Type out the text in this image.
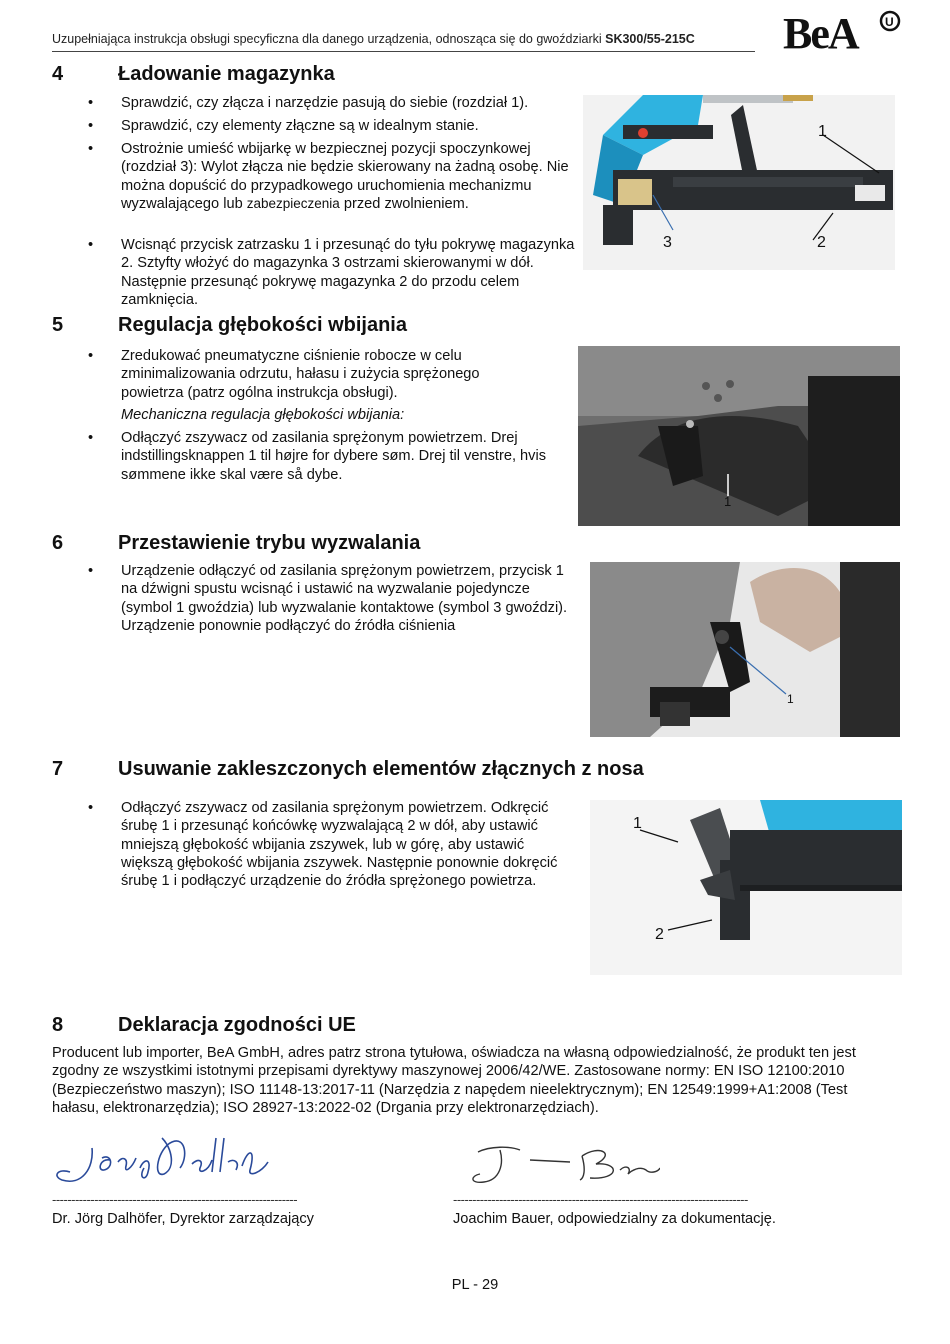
Uzupełniająca instrukcja obsługi specyficzna dla danego urządzenia, odnosząca się do gwoździarki SK300/55-215C	BeA U
4	Ładowanie magazynka
• Sprawdzić, czy złącza i narzędzie pasują do siebie (rozdział 1).
• Sprawdzić, czy elementy złączne są w idealnym stanie.
• Ostrożnie umieść wbijarkę w bezpiecznej pozycji spoczynkowej (rozdział 3): Wylot złącza nie będzie skierowany na żadną osobę. Nie można dopuścić do przypadkowego uruchomienia mechanizmu wyzwalającego lub zabezpieczenia przed zwolnieniem.
• Wcisnąć przycisk zatrzasku 1 i przesunąć do tyłu pokrywę magazynka 2. Sztyfty włożyć do magazynka 3 ostrzami skierowanymi w dół. Następnie przesunąć pokrywę magazynka 2 do przodu celem zamknięcia.
1
2
3
5	Regulacja głębokości wbijania
• Zredukować pneumatyczne ciśnienie robocze w celu zminimalizowania odrzutu, hałasu i zużycia sprężonego powietrza (patrz ogólna instrukcja obsługi).
Mechaniczna regulacja głębokości wbijania:
• Odłączyć zszywacz od zasilania sprężonym powietrzem. Drej indstillingsknappen 1 til højre for dybere søm. Drej til venstre, hvis sømmene ikke skal være så dybe.
1
6	Przestawienie trybu wyzwalania
• Urządzenie odłączyć od zasilania sprężonym powietrzem, przycisk 1 na dźwigni spustu wcisnąć i ustawić na wyzwalanie pojedyncze (symbol 1 gwoździa) lub wyzwalanie kontaktowe (symbol 3 gwoździ). Urządzenie ponownie podłączyć do źródła ciśnienia
1
7	Usuwanie zakleszczonych elementów złącznych z nosa
• Odłączyć zszywacz od zasilania sprężonym powietrzem. Odkręcić śrubę 1 i przesunąć końcówkę wyzwalającą 2 w dół, aby ustawić mniejszą głębokość wbijania zszywek, lub w górę, aby ustawić większą głębokość wbijania zszywek. Następnie ponownie dokręcić śrubę 1 i podłączyć urządzenie do źródła sprężonego powietrza.
1
2
8	Deklaracja zgodności UE
Producent lub importer, BeA GmbH, adres patrz strona tytułowa, oświadcza na własną odpowiedzialność, że produkt ten jest zgodny ze wszystkimi istotnymi przepisami dyrektywy maszynowej 2006/42/WE. Zastosowane normy: EN ISO 12100:2010 (Bezpieczeństwo maszyn); ISO 11148-13:2017-11 (Narzędzia z napędem nieelektrycznym); EN 12549:1999+A1:2008 (Test hałasu, elektronarzędzia); ISO 28927-13:2022-02 (Drgania przy elektronarzędziach).
----------------------------------------------------------------	-----------------------------------------------------------------------------
Dr. Jörg Dalhöfer, Dyrektor zarządzający	Joachim Bauer, odpowiedzialny za dokumentację.
PL - 29
